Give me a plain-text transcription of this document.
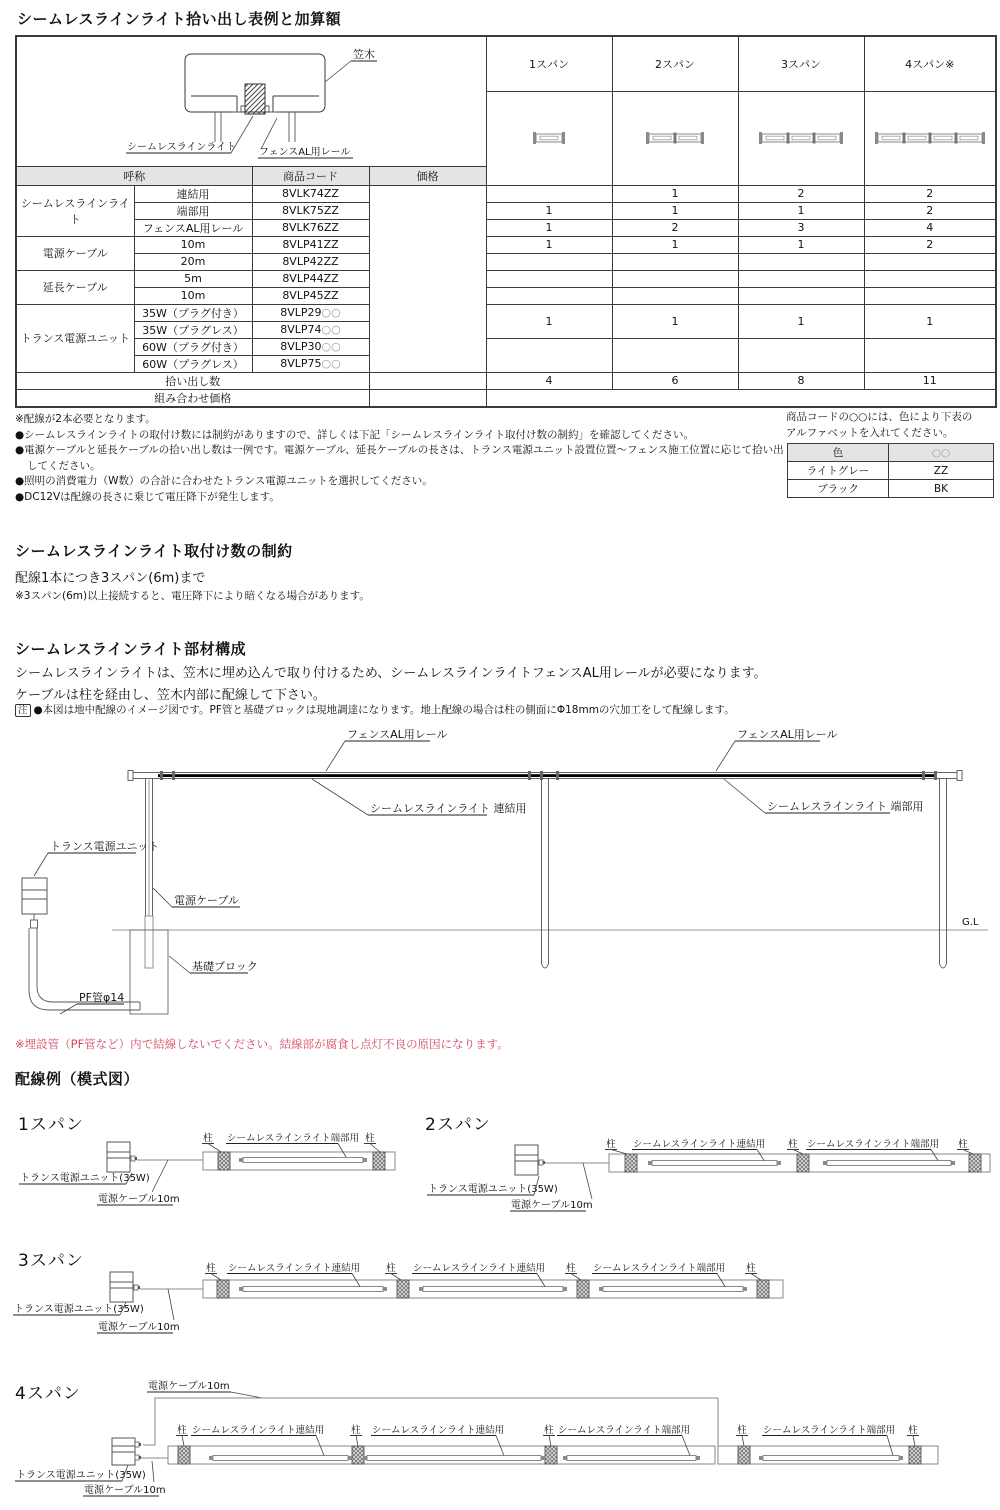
シームレスラインライト拾い出し表例と加算額
笠木
シームレスラインライト フェンスAL用レール				1スパン	2スパン	3スパン	4スパン※

呼称		商品コード	価格				
シームレスラインライト	連結用	8VLK74ZZ			1	2	2
	端部用	8VLK75ZZ		1	1	1	2
	フェンスAL用レール	8VLK76ZZ		1	2	3	4
電源ケーブル	10m	8VLP41ZZ		1	1	1	2
	20m	8VLP42ZZ					
延長ケーブル	5m	8VLP44ZZ					
	10m	8VLP45ZZ					
トランス電源ユニット	35W（プラグ付き）	8VLP29○○		1	1	1	1
	35W（プラグレス）	8VLP74○○					
	60W（プラグ付き）	8VLP30○○					
	60W（プラグレス）	8VLP75○○					
拾い出し数				4	6	8	11
組み合わせ価格							
※配線が2本必要となります。
●シームレスラインライトの取付け数には制約がありますので、詳しくは下記「シームレスラインライト取付け数の制約」を確認してください。
●電源ケーブルと延長ケーブルの拾い出し数は一例です。電源ケーブル、延長ケーブルの長さは、トランス電源ユニット設置位置～フェンス施工位置に応じて拾い出してください。
●照明の消費電力（W数）の合計に合わせたトランス電源ユニットを選択してください。
●DC12Vは配線の長さに乗じて電圧降下が発生します。
商品コードの○○には、色により下表の
アルファベットを入れてください。
色	○○
ライトグレー	ZZ
ブラック	BK
シームレスラインライト取付け数の制約
配線1本につき3スパン(6m)まで
※3スパン(6m)以上接続すると、電圧降下により暗くなる場合があります。
シームレスラインライト部材構成
シームレスラインライトは、笠木に埋め込んで取り付けるため、シームレスラインライトフェンスAL用レールが必要になります。
ケーブルは柱を経由し、笠木内部に配線して下さい。
注 ●本図は地中配線のイメージ図です。PF管と基礎ブロックは現地調達になります。地上配線の場合は柱の側面にΦ18mmの穴加工をして配線します。
G.L
トランス電源ユニット
フェンスAL用レール
シームレスラインライト 連結用
電源ケーブル
基礎ブロック
PF管φ14
フェンスAL用レール
シームレスラインライト 端部用
※埋設管（PF管など）内で結線しないでください。結線部が腐食し点灯不良の原因になります。
配線例（模式図）
1スパン	2スパン
3スパン
4スパン
電源ケーブル10m
トランス電源ユニット(35W)
柱	柱
シームレスラインライト端部用
柱	柱	柱
シームレスラインライト連結用	シームレスラインライト端部用
トランス電源ユニット(35W)
電源ケーブル10m
柱	柱	柱	柱
シームレスラインライト連結用	シームレスラインライト連結用	シームレスラインライト端部用
トランス電源ユニット(35W)
電源ケーブル10m
電源ケーブル10m
柱	柱	柱	柱	柱
シームレスラインライト連結用	シームレスラインライト連結用	シームレスラインライト端部用	シームレスラインライト端部用
トランス電源ユニット(35W)
電源ケーブル10m
